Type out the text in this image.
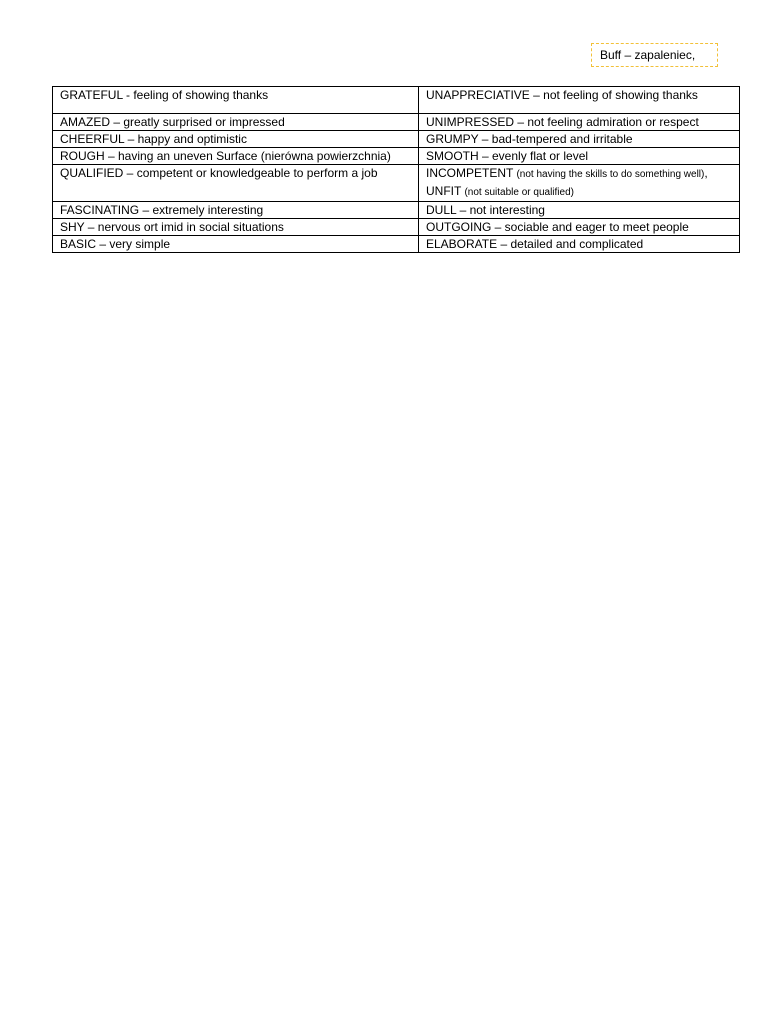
Buff – zapaleniec,
GRATEFUL - feeling of showing thanks	UNAPPRECIATIVE – not feeling of showing thanks
AMAZED – greatly surprised or impressed	UNIMPRESSED – not feeling admiration or respect
CHEERFUL – happy and optimistic	GRUMPY – bad-tempered and irritable
ROUGH – having an uneven Surface (nierówna powierzchnia)	SMOOTH – evenly flat or level
QUALIFIED – competent or knowledgeable to perform a job	INCOMPETENT (not having the skills to do something well),
UNFIT (not suitable or qualified)

FASCINATING – extremely interesting	DULL – not interesting
SHY – nervous ort imid in social situations	OUTGOING – sociable and eager to meet people
BASIC – very simple	ELABORATE – detailed and complicated
